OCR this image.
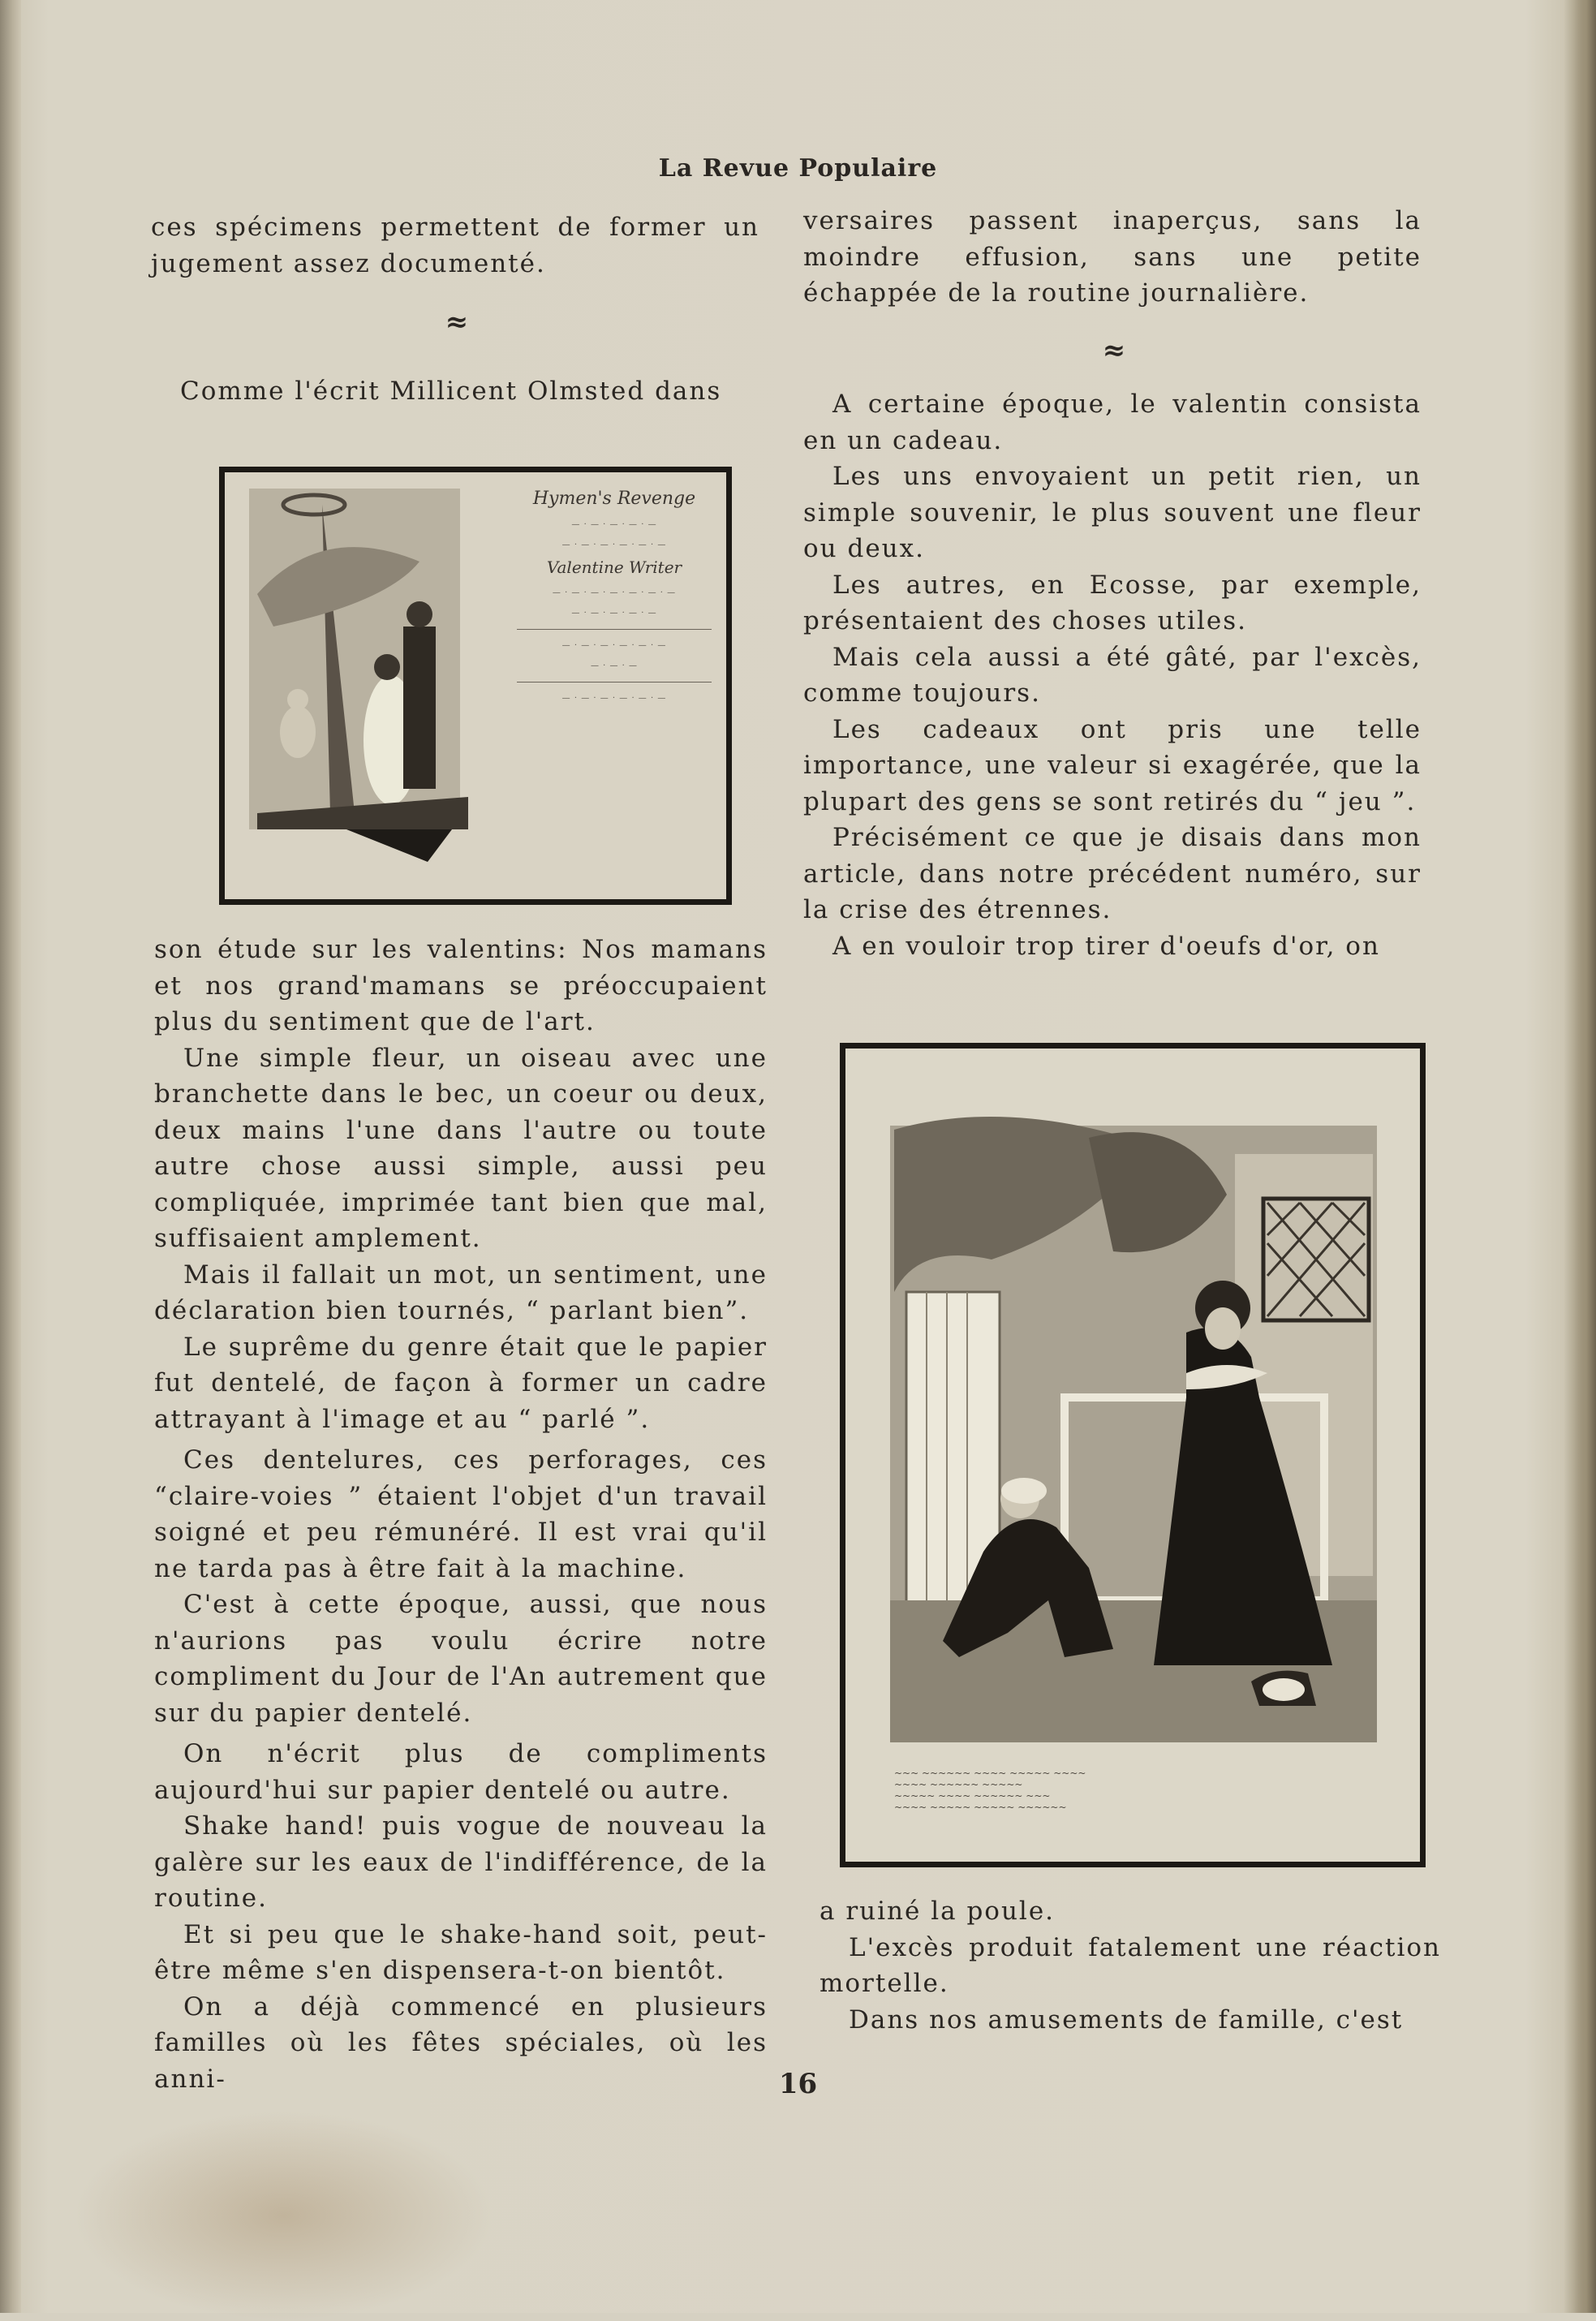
La Revue Populaire

ces spécimens permettent de former un jugement assez documenté.

≈

Comme l'écrit Millicent Olmsted dans

Hymen's Revenge
— · — · — · — · —
— · — · — · — · — · —
Valentine Writer
— · — · — · — · — · — · —
— · — · — · — · —
— · — · — · — · — · —
— · — · —
— · — · — · — · — · —

son étude sur les valentins: Nos mamans et nos grand'mamans se préoccupaient plus du sentiment que de l'art.

Une simple fleur, un oiseau avec une branchette dans le bec, un coeur ou deux, deux mains l'une dans l'autre ou toute autre chose aussi simple, aussi peu compliquée, imprimée tant bien que mal, suffisaient amplement.

Mais il fallait un mot, un sentiment, une déclaration bien tournés, “ parlant bien”.

Le suprême du genre était que le papier fut dentelé, de façon à former un cadre attrayant à l'image et au “ parlé ”.

Ces dentelures, ces perforages, ces “claire-voies ” étaient l'objet d'un travail soigné et peu rémunéré. Il est vrai qu'il ne tarda pas à être fait à la machine.

C'est à cette époque, aussi, que nous n'aurions pas voulu écrire notre compliment du Jour de l'An autrement que sur du papier dentelé.

On n'écrit plus de compliments aujourd'hui sur papier dentelé ou autre.

Shake hand! puis vogue de nouveau la galère sur les eaux de l'indifférence, de la routine.

Et si peu que le shake-hand soit, peut-être même s'en dispensera-t-on bientôt.

On a déjà commencé en plusieurs familles où les fêtes spéciales, où les anni-

versaires passent inaperçus, sans la moindre effusion, sans une petite échappée de la routine journalière.

≈

A certaine époque, le valentin consista en un cadeau.

Les uns envoyaient un petit rien, un simple souvenir, le plus souvent une fleur ou deux.

Les autres, en Ecosse, par exemple, présentaient des choses utiles.

Mais cela aussi a été gâté, par l'excès, comme toujours.

Les cadeaux ont pris une telle importance, une valeur si exagérée, que la plupart des gens se sont retirés du “ jeu ”.

Précisément ce que je disais dans mon article, dans notre précédent numéro, sur la crise des étrennes.

A en vouloir trop tirer d'oeufs d'or, on

~~~ ~~~~~~ ~~~~ ~~~~~ ~~~~
~~~~ ~~~~~~ ~~~~~
~~~~~ ~~~~ ~~~~~~ ~~~
~~~~ ~~~~~ ~~~~~ ~~~~~~

a ruiné la poule.

L'excès produit fatalement une réaction mortelle.

Dans nos amusements de famille, c'est

16
